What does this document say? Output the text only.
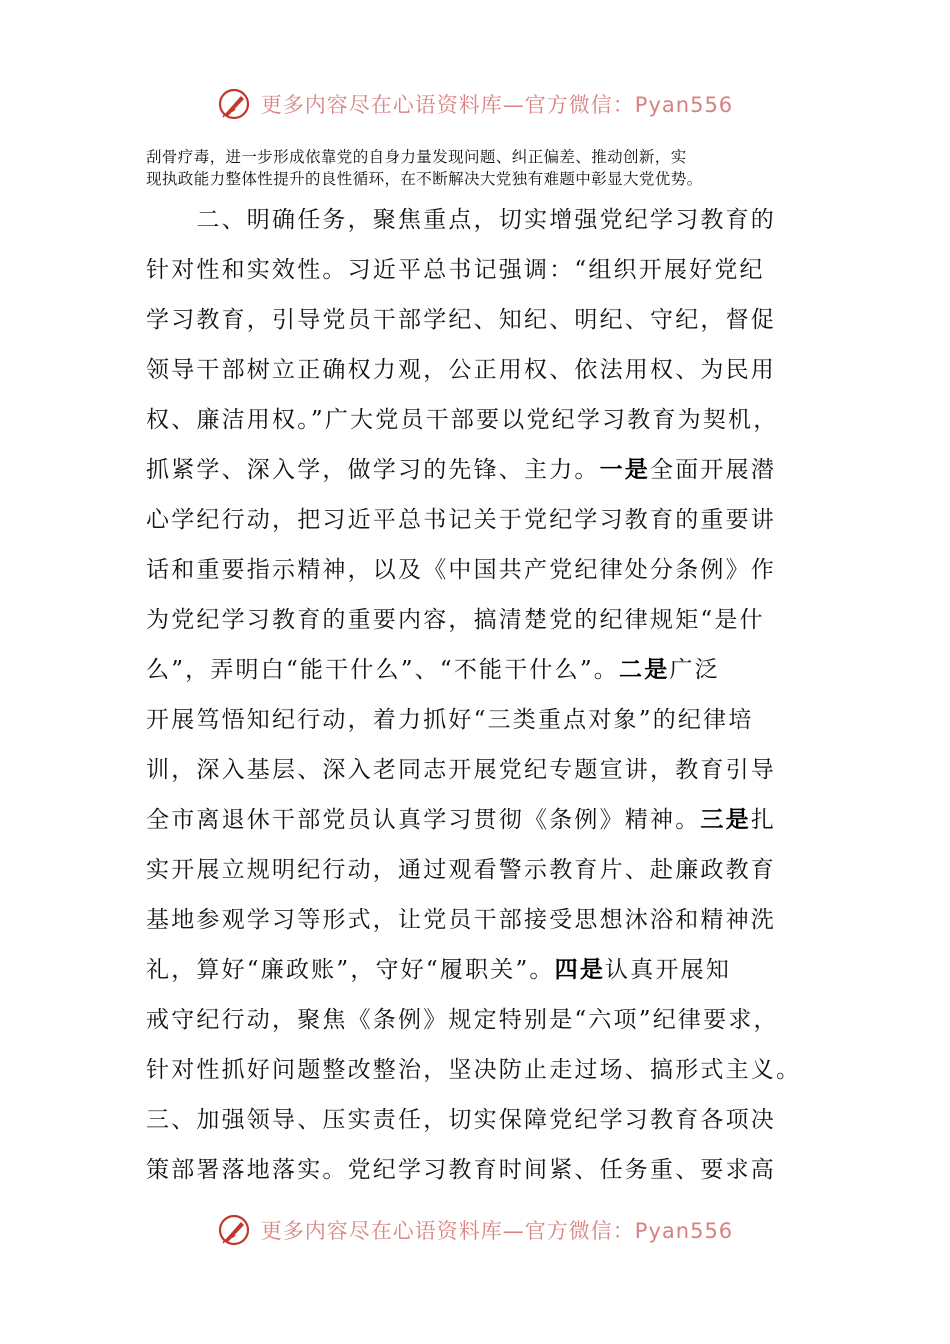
更多内容尽在心语资料库—官方微信：Pyan556
刮骨疗毒，进一步形成依靠党的自身力量发现问题、纠正偏差、推动创新，实
现执政能力整体性提升的良性循环，在不断解决大党独有难题中彰显大党优势。
　　二、明确任务，聚焦重点，切实增强党纪学习教育的
针对性和实效性。习近平总书记强调：“组织开展好党纪
学习教育，引导党员干部学纪、知纪、明纪、守纪，督促
领导干部树立正确权力观，公正用权、依法用权、为民用
权、廉洁用权。”广大党员干部要以党纪学习教育为契机，
抓紧学、深入学，做学习的先锋、主力。一是全面开展潜
心学纪行动，把习近平总书记关于党纪学习教育的重要讲
话和重要指示精神，以及《中国共产党纪律处分条例》作
为党纪学习教育的重要内容，搞清楚党的纪律规矩“是什
么”，弄明白“能干什么”、“不能干什么”。二是广泛
开展笃悟知纪行动，着力抓好“三类重点对象”的纪律培
训，深入基层、深入老同志开展党纪专题宣讲，教育引导
全市离退休干部党员认真学习贯彻《条例》精神。三是扎
实开展立规明纪行动，通过观看警示教育片、赴廉政教育
基地参观学习等形式，让党员干部接受思想沐浴和精神洗
礼，算好“廉政账”，守好“履职关”。四是认真开展知
戒守纪行动，聚焦《条例》规定特别是“六项”纪律要求，
针对性抓好问题整改整治，坚决防止走过场、搞形式主义。
三、加强领导、压实责任，切实保障党纪学习教育各项决
策部署落地落实。党纪学习教育时间紧、任务重、要求高
更多内容尽在心语资料库—官方微信：Pyan556
